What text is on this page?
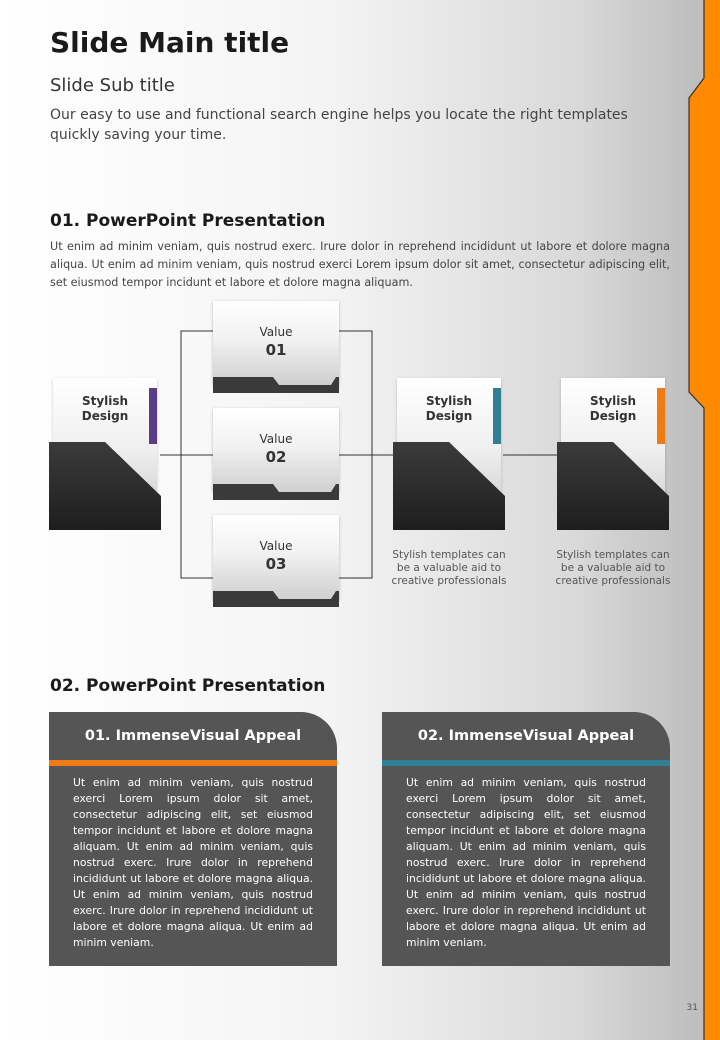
Slide Main title
Slide Sub title
Our easy to use and functional search engine helps you locate the right templates quickly saving your time.
01. PowerPoint Presentation
Ut enim ad minim veniam, quis nostrud exerc. Irure dolor in reprehend incididunt ut labore et dolore magna aliqua. Ut enim ad minim veniam, quis nostrud exerci Lorem ipsum dolor sit amet, consectetur adipiscing elit, set eiusmod tempor incidunt et labore et dolore magna aliquam.
Value
01
Value
02
Value
03
Stylish
Design
Stylish
Design
Stylish
Design
Stylish templates can be a valuable aid to creative professionals
Stylish templates can be a valuable aid to creative professionals
02. PowerPoint Presentation
01. ImmenseVisual Appeal
Ut enim ad minim veniam, quis nostrud exerci Lorem ipsum dolor sit amet, consectetur adipiscing elit, set eiusmod tempor incidunt et labore et dolore magna aliquam. Ut enim ad minim veniam, quis nostrud exerc. Irure dolor in reprehend incididunt ut labore et dolore magna aliqua. Ut enim ad minim veniam, quis nostrud exerc. Irure dolor in reprehend incididunt ut labore et dolore magna aliqua. Ut enim ad minim veniam.
02. ImmenseVisual Appeal
Ut enim ad minim veniam, quis nostrud exerci Lorem ipsum dolor sit amet, consectetur adipiscing elit, set eiusmod tempor incidunt et labore et dolore magna aliquam. Ut enim ad minim veniam, quis nostrud exerc. Irure dolor in reprehend incididunt ut labore et dolore magna aliqua. Ut enim ad minim veniam, quis nostrud exerc. Irure dolor in reprehend incididunt ut labore et dolore magna aliqua. Ut enim ad minim veniam.
31
